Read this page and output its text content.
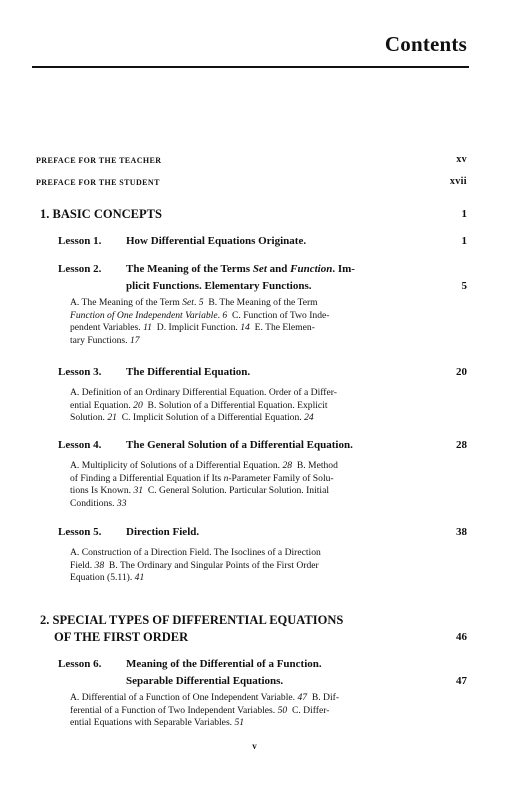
Contents
PREFACE FOR THE TEACHER	xv
PREFACE FOR THE STUDENT	xvii
1. BASIC CONCEPTS	1
Lesson 1. How Differential Equations Originate.	1
Lesson 2. The Meaning of the Terms Set and Function. Im-
plicit Functions. Elementary Functions.	5
A. The Meaning of the Term Set. 5  B. The Meaning of the Term
Function of One Independent Variable. 6  C. Function of Two Inde-
pendent Variables. 11  D. Implicit Function. 14  E. The Elemen-
tary Functions. 17
Lesson 3. The Differential Equation.	20
A. Definition of an Ordinary Differential Equation. Order of a Differ-
ential Equation. 20  B. Solution of a Differential Equation. Explicit
Solution. 21  C. Implicit Solution of a Differential Equation. 24
Lesson 4. The General Solution of a Differential Equation.	28
A. Multiplicity of Solutions of a Differential Equation. 28  B. Method
of Finding a Differential Equation if Its n-Parameter Family of Solu-
tions Is Known. 31  C. General Solution. Particular Solution. Initial
Conditions. 33
Lesson 5. Direction Field.	38
A. Construction of a Direction Field. The Isoclines of a Direction
Field. 38  B. The Ordinary and Singular Points of the First Order
Equation (5.11). 41
2. SPECIAL TYPES OF DIFFERENTIAL EQUATIONS
OF THE FIRST ORDER	46
Lesson 6. Meaning of the Differential of a Function.
Separable Differential Equations.	47
A. Differential of a Function of One Independent Variable. 47  B. Dif-
ferential of a Function of Two Independent Variables. 50  C. Differ-
ential Equations with Separable Variables. 51
v
